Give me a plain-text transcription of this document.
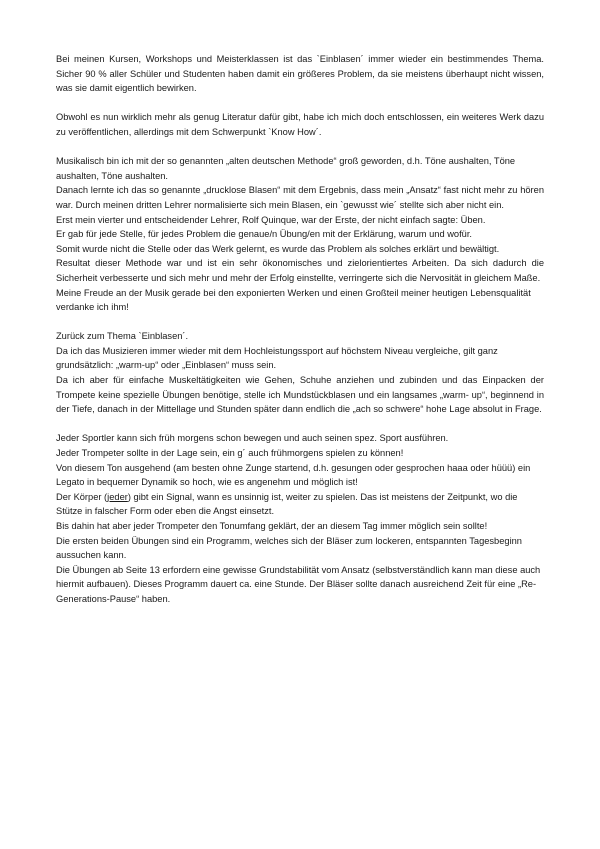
Bei meinen Kursen, Workshops und Meisterklassen ist das `Einblasen´ immer wieder ein bestimmendes Thema. Sicher 90 % aller Schüler und Studenten haben damit ein größeres Problem, da sie meistens überhaupt nicht wissen, was sie damit eigentlich bewirken.

Obwohl es nun wirklich mehr als genug Literatur dafür gibt, habe ich mich doch entschlossen, ein weiteres Werk dazu zu veröffentlichen, allerdings mit dem Schwerpunkt `Know How´.

Musikalisch bin ich mit der so genannten „alten deutschen Methode“ groß geworden, d.h. Töne aushalten, Töne aushalten, Töne aushalten.

Danach lernte ich das so genannte „drucklose Blasen“ mit dem Ergebnis, dass mein „Ansatz“ fast nicht mehr zu hören war. Durch meinen dritten Lehrer normalisierte sich mein Blasen, ein `gewusst wie´ stellte sich aber nicht ein.

Erst mein vierter und entscheidender Lehrer, Rolf Quinque, war der Erste, der nicht einfach sagte: Üben.

Er gab für jede Stelle, für jedes Problem die genaue/n Übung/en mit der Erklärung, warum und wofür.

Somit wurde nicht die Stelle oder das Werk gelernt, es wurde das Problem als solches erklärt und bewältigt.

Resultat dieser Methode war und ist ein sehr ökonomisches und zielorientiertes Arbeiten. Da sich dadurch die Sicherheit verbesserte und sich mehr und mehr der Erfolg einstellte, verringerte sich die Nervosität in gleichem Maße.

Meine Freude an der Musik gerade bei den exponierten Werken und einen Großteil meiner heutigen Lebensqualität verdanke ich ihm!

Zurück zum Thema `Einblasen´.

Da ich das Musizieren immer wieder mit dem Hochleistungssport auf höchstem Niveau vergleiche, gilt ganz grundsätzlich: „warm-up“ oder „Einblasen“ muss sein.

Da ich aber für einfache Muskeltätigkeiten wie Gehen, Schuhe anziehen und zubinden und das Einpacken der Trompete keine spezielle Übungen benötige, stelle ich Mundstückblasen und ein langsames „warm- up“, beginnend in der Tiefe, danach in der Mittellage und Stunden später dann endlich die „ach so schwere“ hohe Lage absolut in Frage.

Jeder Sportler kann sich früh morgens schon bewegen und auch seinen spez. Sport ausführen.

Jeder Trompeter sollte in der Lage sein, ein g´ auch frühmorgens spielen zu können!

Von diesem Ton ausgehend (am besten ohne Zunge startend, d.h. gesungen oder gesprochen haaa oder hüüü) ein Legato in bequemer Dynamik so hoch, wie es angenehm und möglich ist!

Der Körper (jeder) gibt ein Signal, wann es unsinnig ist, weiter zu spielen. Das ist meistens der Zeitpunkt, wo die Stütze in falscher Form oder eben die Angst einsetzt.

Bis dahin hat aber jeder Trompeter den Tonumfang geklärt, der an diesem Tag immer möglich sein sollte!

Die ersten beiden Übungen sind ein Programm, welches sich der Bläser zum lockeren, entspannten Tagesbeginn aussuchen kann.

Die Übungen ab Seite 13 erfordern eine gewisse Grundstabilität vom Ansatz (selbstverständlich kann man diese auch hiermit aufbauen). Dieses Programm dauert ca. eine Stunde. Der Bläser sollte danach ausreichend Zeit für eine „Re-Generations-Pause“ haben.
